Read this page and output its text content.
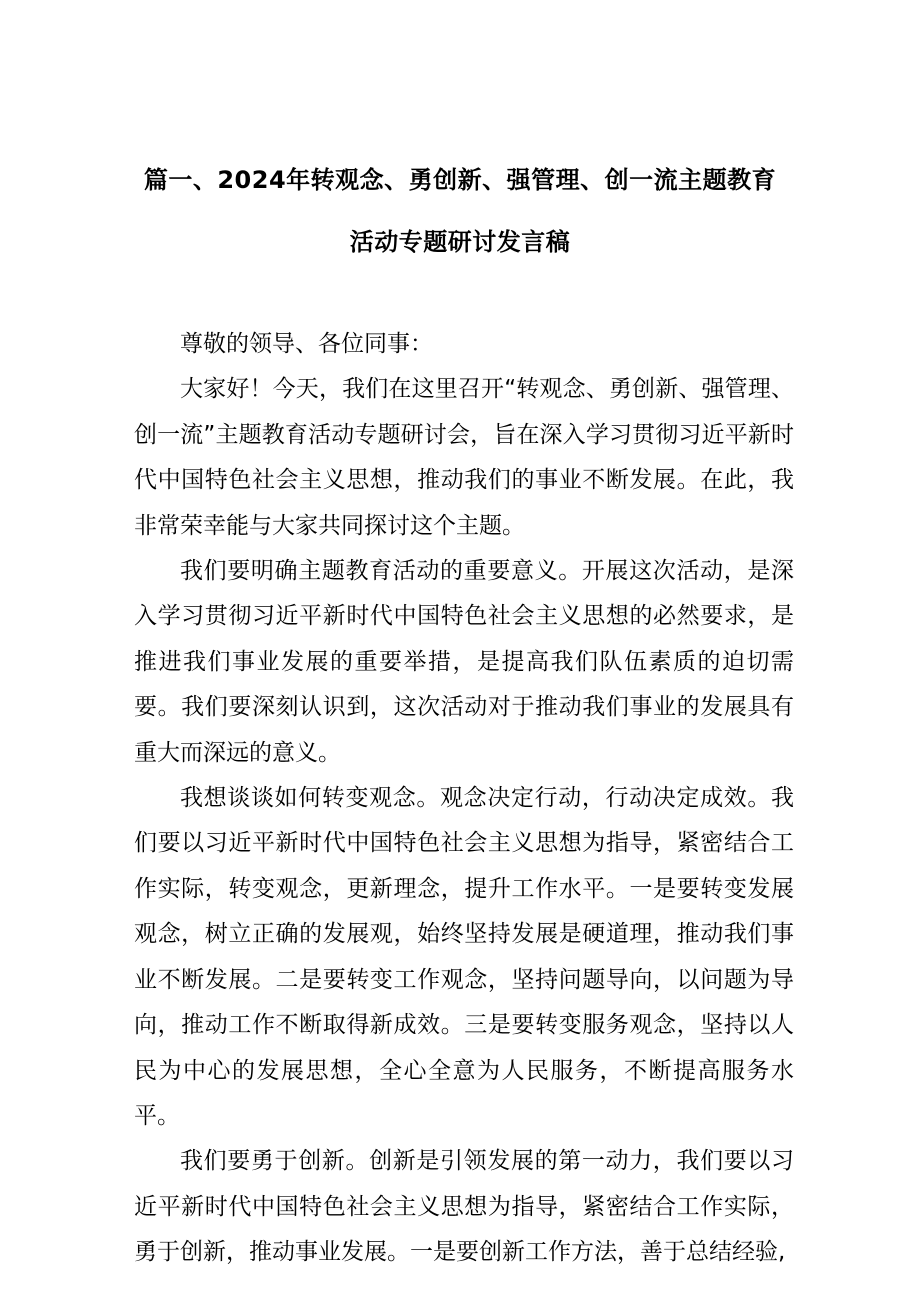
篇一、2024年转观念、勇创新、强管理、创一流主题教育
活动专题研讨发言稿

尊敬的领导、各位同事：

大家好！今天，我们在这里召开“转观念、勇创新、强管理、创一流”主题教育活动专题研讨会，旨在深入学习贯彻习近平新时代中国特色社会主义思想，推动我们的事业不断发展。在此，我非常荣幸能与大家共同探讨这个主题。

我们要明确主题教育活动的重要意义。开展这次活动，是深入学习贯彻习近平新时代中国特色社会主义思想的必然要求，是推进我们事业发展的重要举措，是提高我们队伍素质的迫切需要。我们要深刻认识到，这次活动对于推动我们事业的发展具有重大而深远的意义。

我想谈谈如何转变观念。观念决定行动，行动决定成效。我们要以习近平新时代中国特色社会主义思想为指导，紧密结合工作实际，转变观念，更新理念，提升工作水平。一是要转变发展观念，树立正确的发展观，始终坚持发展是硬道理，推动我们事业不断发展。二是要转变工作观念，坚持问题导向，以问题为导向，推动工作不断取得新成效。三是要转变服务观念，坚持以人民为中心的发展思想，全心全意为人民服务，不断提高服务水平。

我们要勇于创新。创新是引领发展的第一动力，我们要以习近平新时代中国特色社会主义思想为指导，紧密结合工作实际，勇于创新，推动事业发展。一是要创新工作方法，善于总结经验,
